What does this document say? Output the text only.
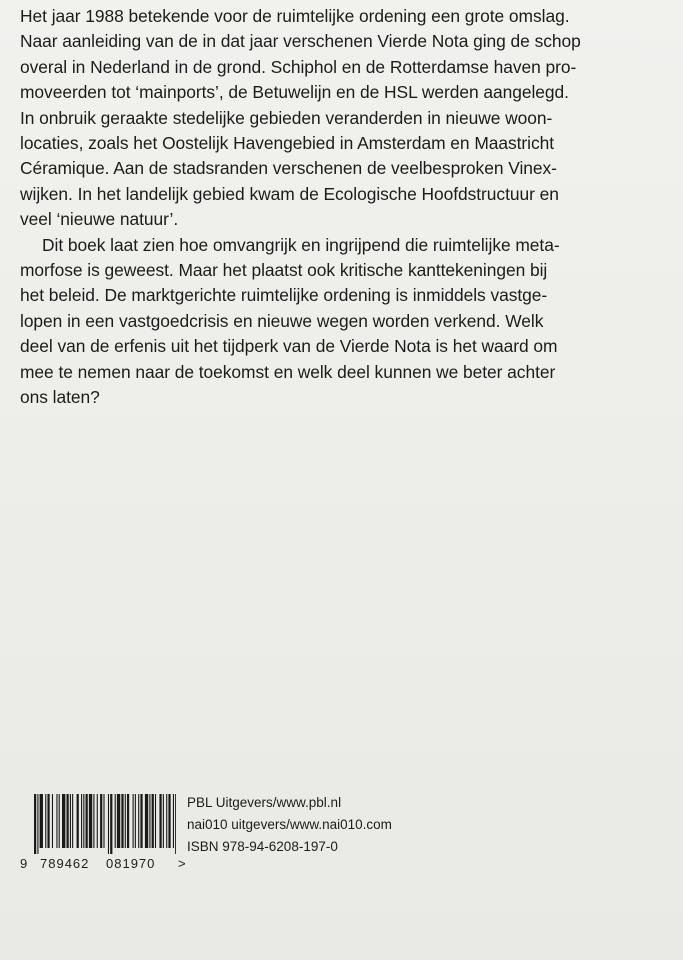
Het jaar 1988 betekende voor de ruimtelijke ordening een grote omslag.
Naar aanleiding van de in dat jaar verschenen Vierde Nota ging de schop
overal in Nederland in de grond. Schiphol en de Rotterdamse haven pro-
moveerden tot ‘mainports’, de Betuwelijn en de HSL werden aangelegd.
In onbruik geraakte stedelijke gebieden veranderden in nieuwe woon-
locaties, zoals het Oostelijk Havengebied in Amsterdam en Maastricht
Céramique. Aan de stadsranden verschenen de veelbesproken Vinex-
wijken. In het landelijk gebied kwam de Ecologische Hoofdstructuur en
veel ‘nieuwe natuur’.

Dit boek laat zien hoe omvangrijk en ingrijpend die ruimtelijke meta-
morfose is geweest. Maar het plaatst ook kritische kanttekeningen bij
het beleid. De marktgerichte ruimtelijke ordening is inmiddels vastge-
lopen in een vastgoedcrisis en nieuwe wegen worden verkend. Welk
deel van de erfenis uit het tijdperk van de Vierde Nota is het waard om
mee te nemen naar de toekomst en welk deel kunnen we beter achter
ons laten?

9 789462 081970 >
PBL Uitgevers/www.pbl.nl
nai010 uitgevers/www.nai010.com
ISBN 978-94-6208-197-0
